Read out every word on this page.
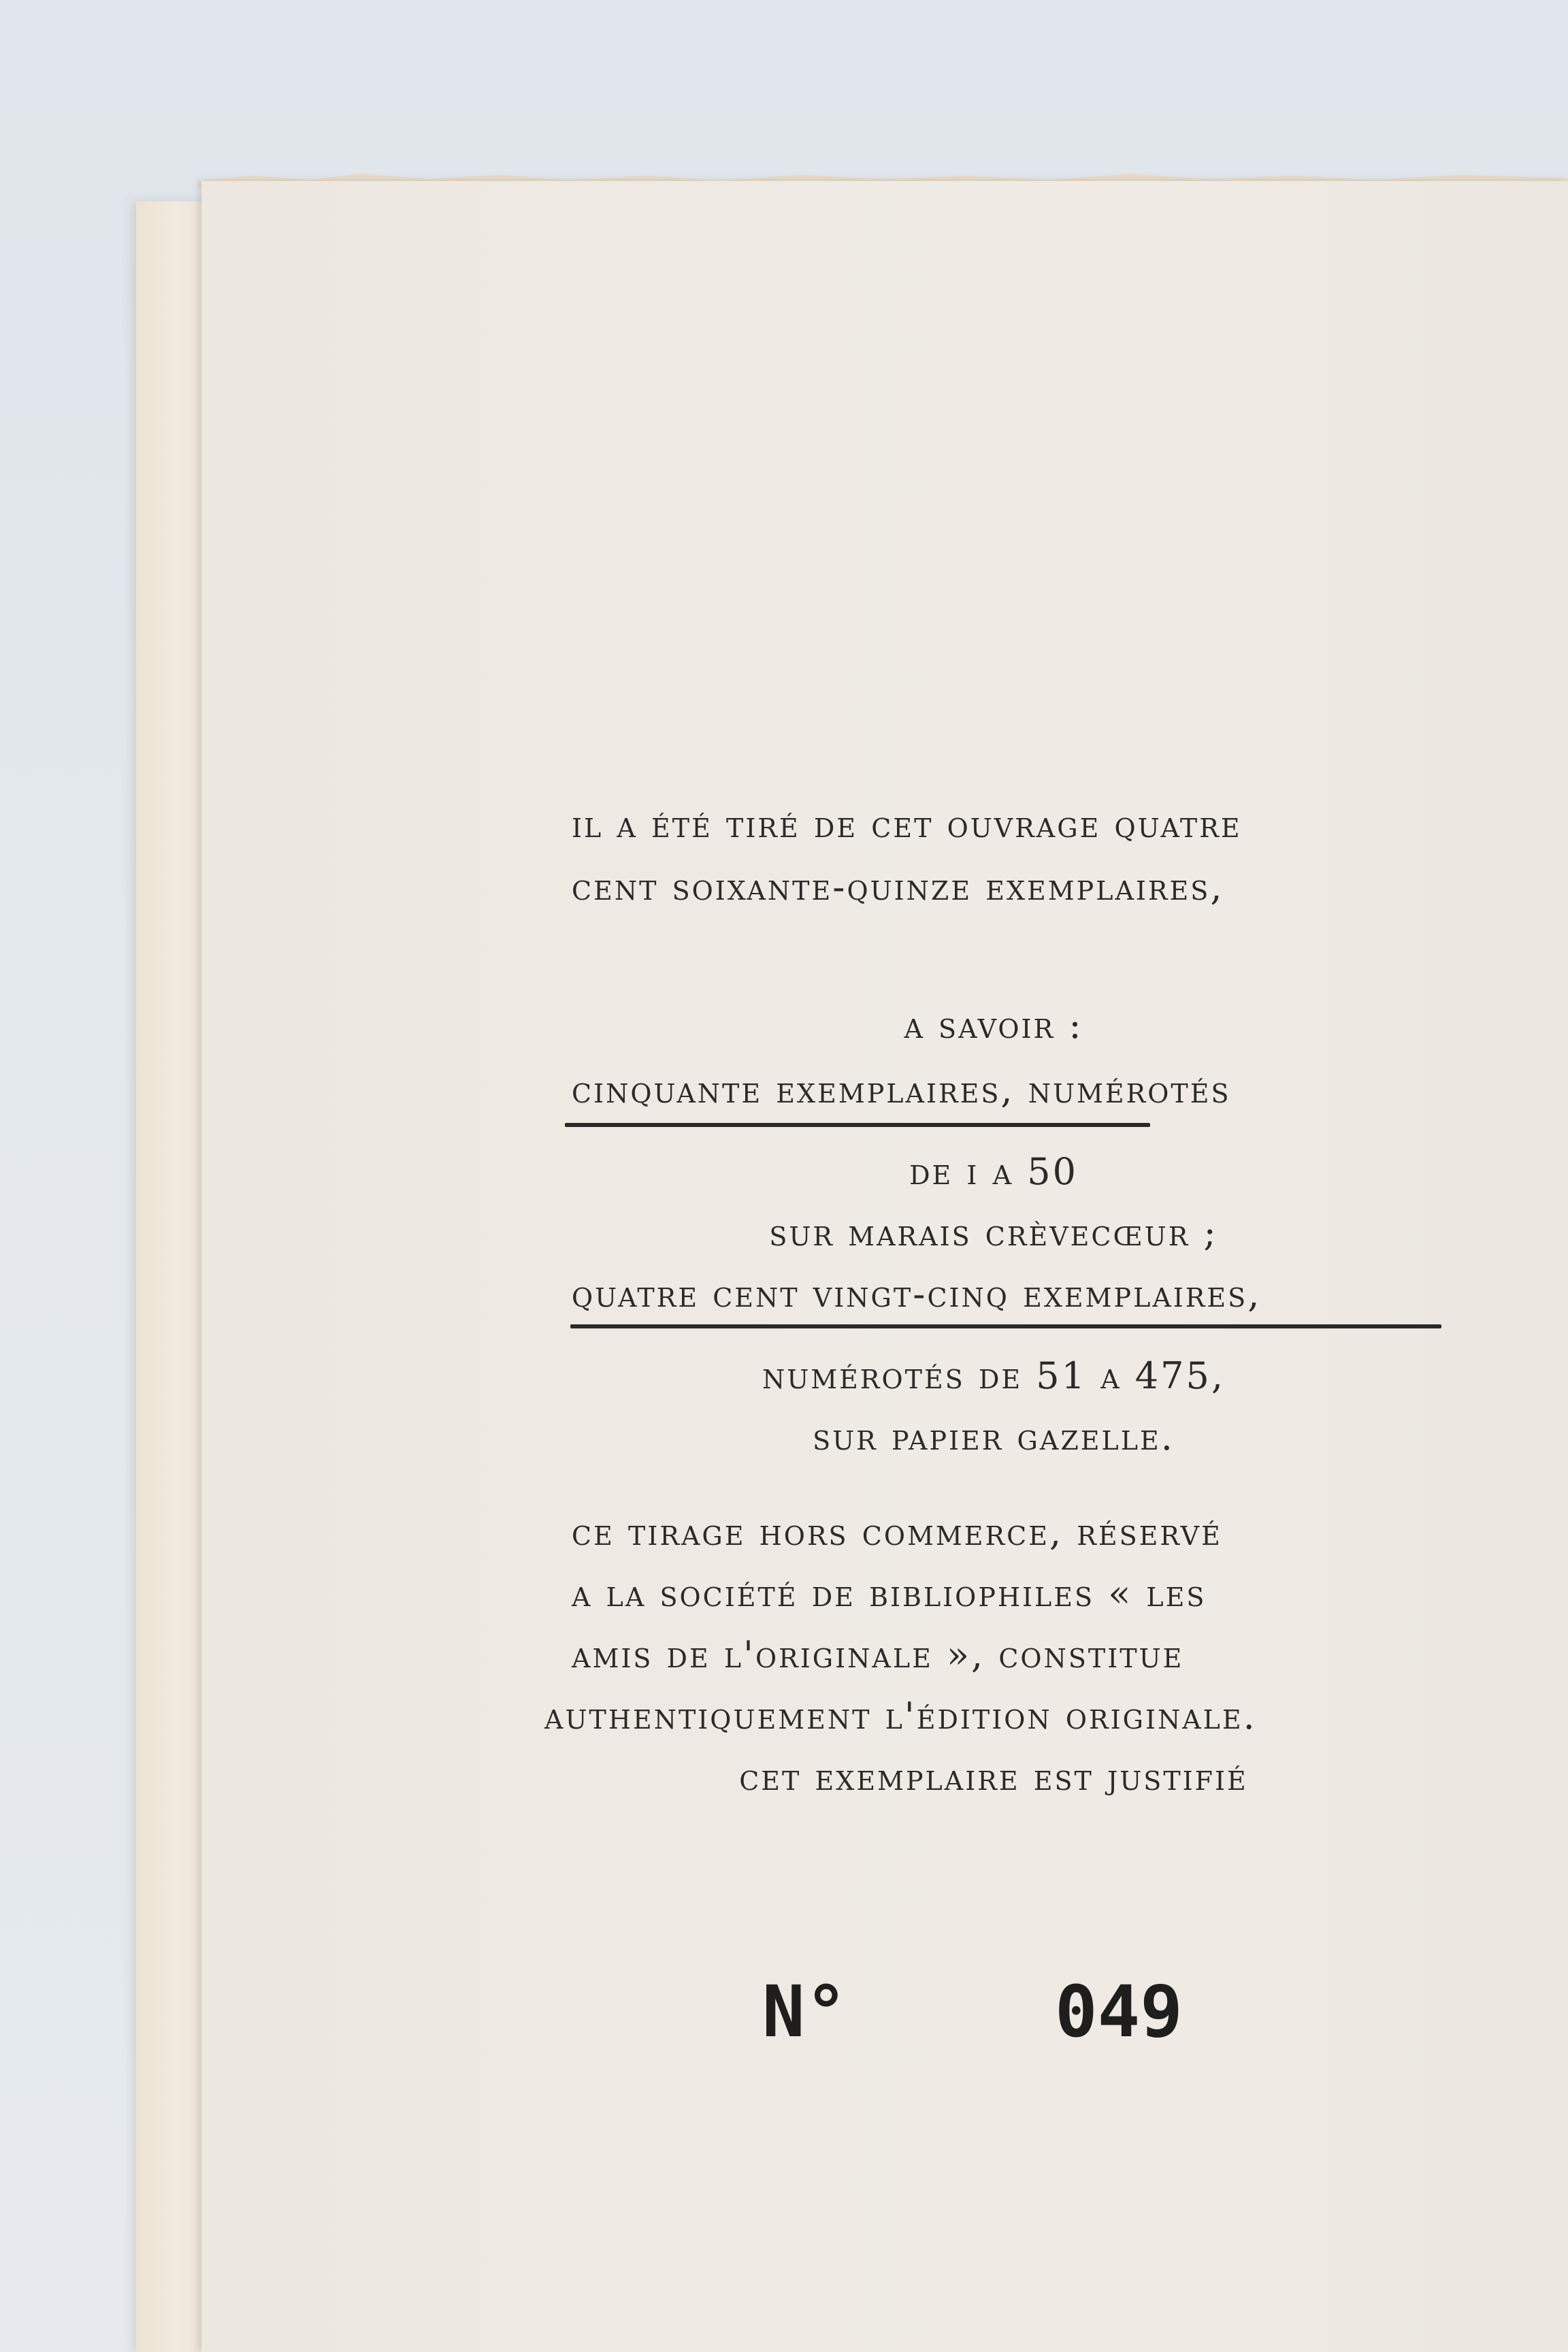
il a été tiré de cet ouvrage quatre
cent soixante-quinze exemplaires,
a savoir :
cinquante exemplaires, numérotés
de i a 50
sur marais crèvecœur ;
quatre cent vingt-cinq exemplaires,
numérotés de 51 a 475,
sur papier gazelle.
ce tirage hors commerce, réservé
a la société de bibliophiles « les
amis de l'originale », constitue
authentiquement l'édition originale.
cet exemplaire est justifié
N°	049
